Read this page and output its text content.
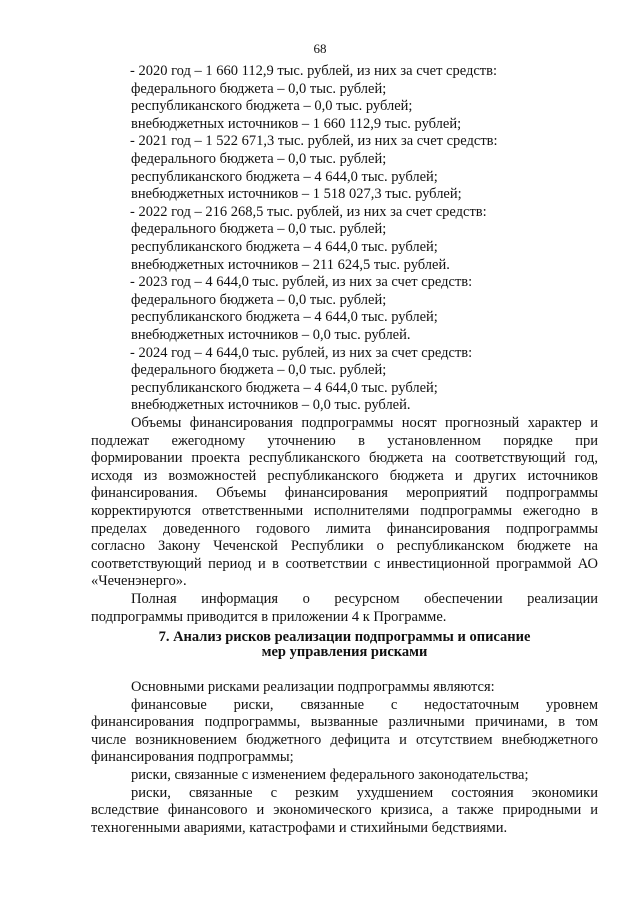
68
- 2020 год – 1 660 112,9 тыс. рублей, из них за счет средств:
федерального бюджета – 0,0 тыс. рублей;
республиканского бюджета – 0,0 тыс. рублей;
внебюджетных источников – 1 660 112,9 тыс. рублей;
- 2021 год – 1 522 671,3 тыс. рублей, из них за счет средств:
федерального бюджета – 0,0 тыс. рублей;
республиканского бюджета – 4 644,0 тыс. рублей;
внебюджетных источников – 1 518 027,3 тыс. рублей;
- 2022 год – 216 268,5 тыс. рублей, из них за счет средств:
федерального бюджета – 0,0 тыс. рублей;
республиканского бюджета – 4 644,0 тыс. рублей;
внебюджетных источников – 211 624,5 тыс. рублей.
- 2023 год – 4 644,0 тыс. рублей, из них за счет средств:
федерального бюджета – 0,0 тыс. рублей;
республиканского бюджета – 4 644,0 тыс. рублей;
внебюджетных источников – 0,0 тыс. рублей.
- 2024 год – 4 644,0 тыс. рублей, из них за счет средств:
федерального бюджета – 0,0 тыс. рублей;
республиканского бюджета – 4 644,0 тыс. рублей;
внебюджетных источников – 0,0 тыс. рублей.
Объемы финансирования подпрограммы носят прогнозный характер и
подлежат ежегодному уточнению в установленном порядке при
формировании проекта республиканского бюджета на соответствующий год,
исходя из возможностей республиканского бюджета и других источников
финансирования. Объемы финансирования мероприятий подпрограммы
корректируются ответственными исполнителями подпрограммы ежегодно в
пределах доведенного годового лимита финансирования подпрограммы
согласно Закону Чеченской Республики о республиканском бюджете на
соответствующий период и в соответствии с инвестиционной программой АО
«Чеченэнерго».
Полная информация о ресурсном обеспечении реализации
подпрограммы приводится в приложении 4 к Программе.
7. Анализ рисков реализации подпрограммы и описание
мер управления рисками
Основными рисками реализации подпрограммы являются:
финансовые риски, связанные с недостаточным уровнем
финансирования подпрограммы, вызванные различными причинами, в том
числе возникновением бюджетного дефицита и отсутствием внебюджетного
финансирования подпрограммы;
риски, связанные с изменением федерального законодательства;
риски, связанные с резким ухудшением состояния экономики
вследствие финансового и экономического кризиса, а также природными и
техногенными авариями, катастрофами и стихийными бедствиями.
